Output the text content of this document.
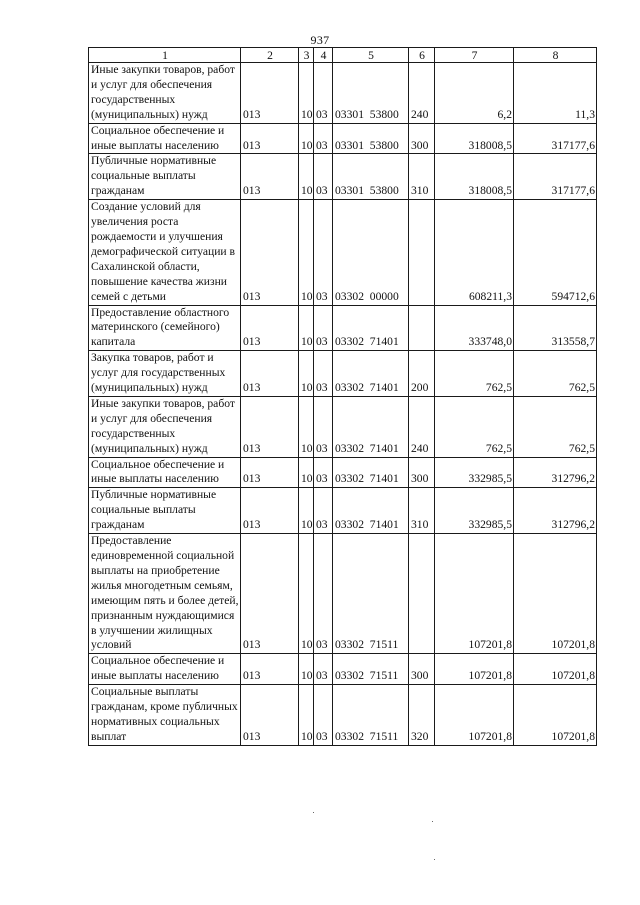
937
1	2	3	4	5	6	7	8
Иные закупки товаров, работ и услуг для обеспечения государственных (муниципальных) нужд	013	10	03	03301  53800	240	6,2	11,3
Социальное обеспечение и иные выплаты населению	013	10	03	03301  53800	300	318008,5	317177,6
Публичные нормативные социальные выплаты гражданам	013	10	03	03301  53800	310	318008,5	317177,6
Создание условий для увеличения роста рождаемости и улучшения демографической ситуации в Сахалинской области, повышение качества жизни семей с детьми	013	10	03	03302  00000		608211,3	594712,6
Предоставление областного материнского (семейного) капитала	013	10	03	03302  71401		333748,0	313558,7
Закупка товаров, работ и услуг для государственных (муниципальных) нужд	013	10	03	03302  71401	200	762,5	762,5
Иные закупки товаров, работ и услуг для обеспечения государственных (муниципальных) нужд	013	10	03	03302  71401	240	762,5	762,5
Социальное обеспечение и иные выплаты населению	013	10	03	03302  71401	300	332985,5	312796,2
Публичные нормативные социальные выплаты гражданам	013	10	03	03302  71401	310	332985,5	312796,2
Предоставление единовременной социальной выплаты на приобретение жилья многодетным семьям, имеющим пять и более детей, признанным нуждающимися в улучшении жилищных условий	013	10	03	03302  71511		107201,8	107201,8
Социальное обеспечение и иные выплаты населению	013	10	03	03302  71511	300	107201,8	107201,8
Социальные выплаты гражданам, кроме публичных нормативных социальных выплат	013	10	03	03302  71511	320	107201,8	107201,8
